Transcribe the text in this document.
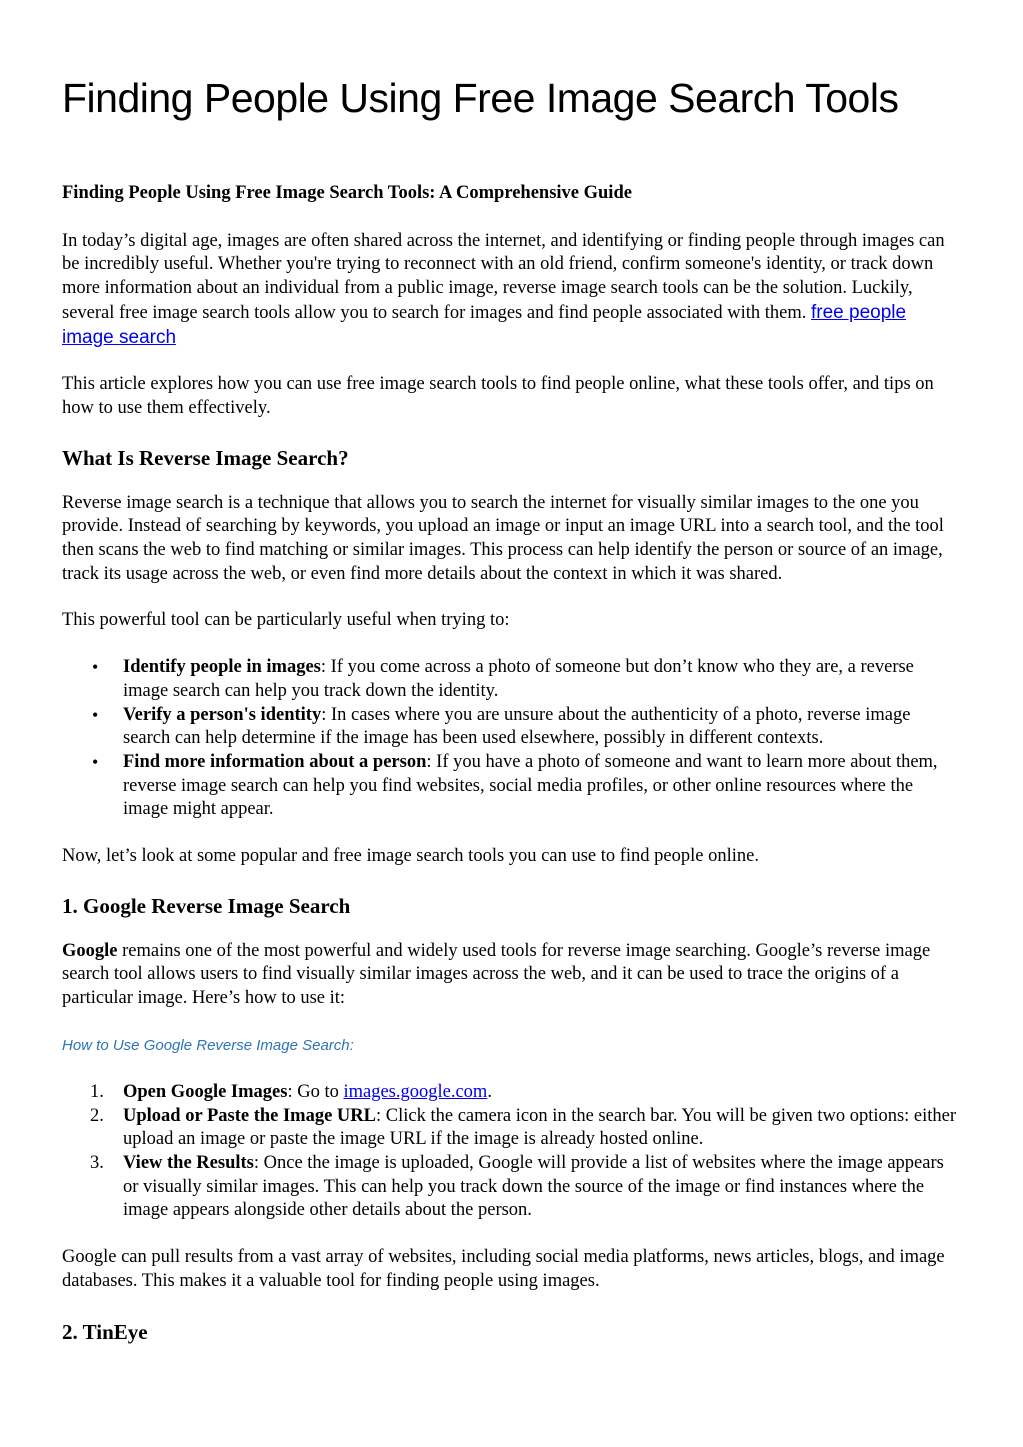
Finding People Using Free Image Search Tools

Finding People Using Free Image Search Tools: A Comprehensive Guide

In today’s digital age, images are often shared across the internet, and identifying or finding people through images can be incredibly useful. Whether you're trying to reconnect with an old friend, confirm someone's identity, or track down more information about an individual from a public image, reverse image search tools can be the solution. Luckily, several free image search tools allow you to search for images and find people associated with them. free people image search

This article explores how you can use free image search tools to find people online, what these tools offer, and tips on how to use them effectively.

What Is Reverse Image Search?

Reverse image search is a technique that allows you to search the internet for visually similar images to the one you provide. Instead of searching by keywords, you upload an image or input an image URL into a search tool, and the tool then scans the web to find matching or similar images. This process can help identify the person or source of an image, track its usage across the web, or even find more details about the context in which it was shared.

This powerful tool can be particularly useful when trying to:

• Identify people in images: If you come across a photo of someone but don’t know who they are, a reverse image search can help you track down the identity.
• Verify a person's identity: In cases where you are unsure about the authenticity of a photo, reverse image search can help determine if the image has been used elsewhere, possibly in different contexts.
• Find more information about a person: If you have a photo of someone and want to learn more about them, reverse image search can help you find websites, social media profiles, or other online resources where the image might appear.

Now, let’s look at some popular and free image search tools you can use to find people online.

1. Google Reverse Image Search

Google remains one of the most powerful and widely used tools for reverse image searching. Google’s reverse image search tool allows users to find visually similar images across the web, and it can be used to trace the origins of a particular image. Here’s how to use it:

How to Use Google Reverse Image Search:

1. Open Google Images: Go to images.google.com.
2. Upload or Paste the Image URL: Click the camera icon in the search bar. You will be given two options: either upload an image or paste the image URL if the image is already hosted online.
3. View the Results: Once the image is uploaded, Google will provide a list of websites where the image appears or visually similar images. This can help you track down the source of the image or find instances where the image appears alongside other details about the person.

Google can pull results from a vast array of websites, including social media platforms, news articles, blogs, and image databases. This makes it a valuable tool for finding people using images.

2. TinEye
